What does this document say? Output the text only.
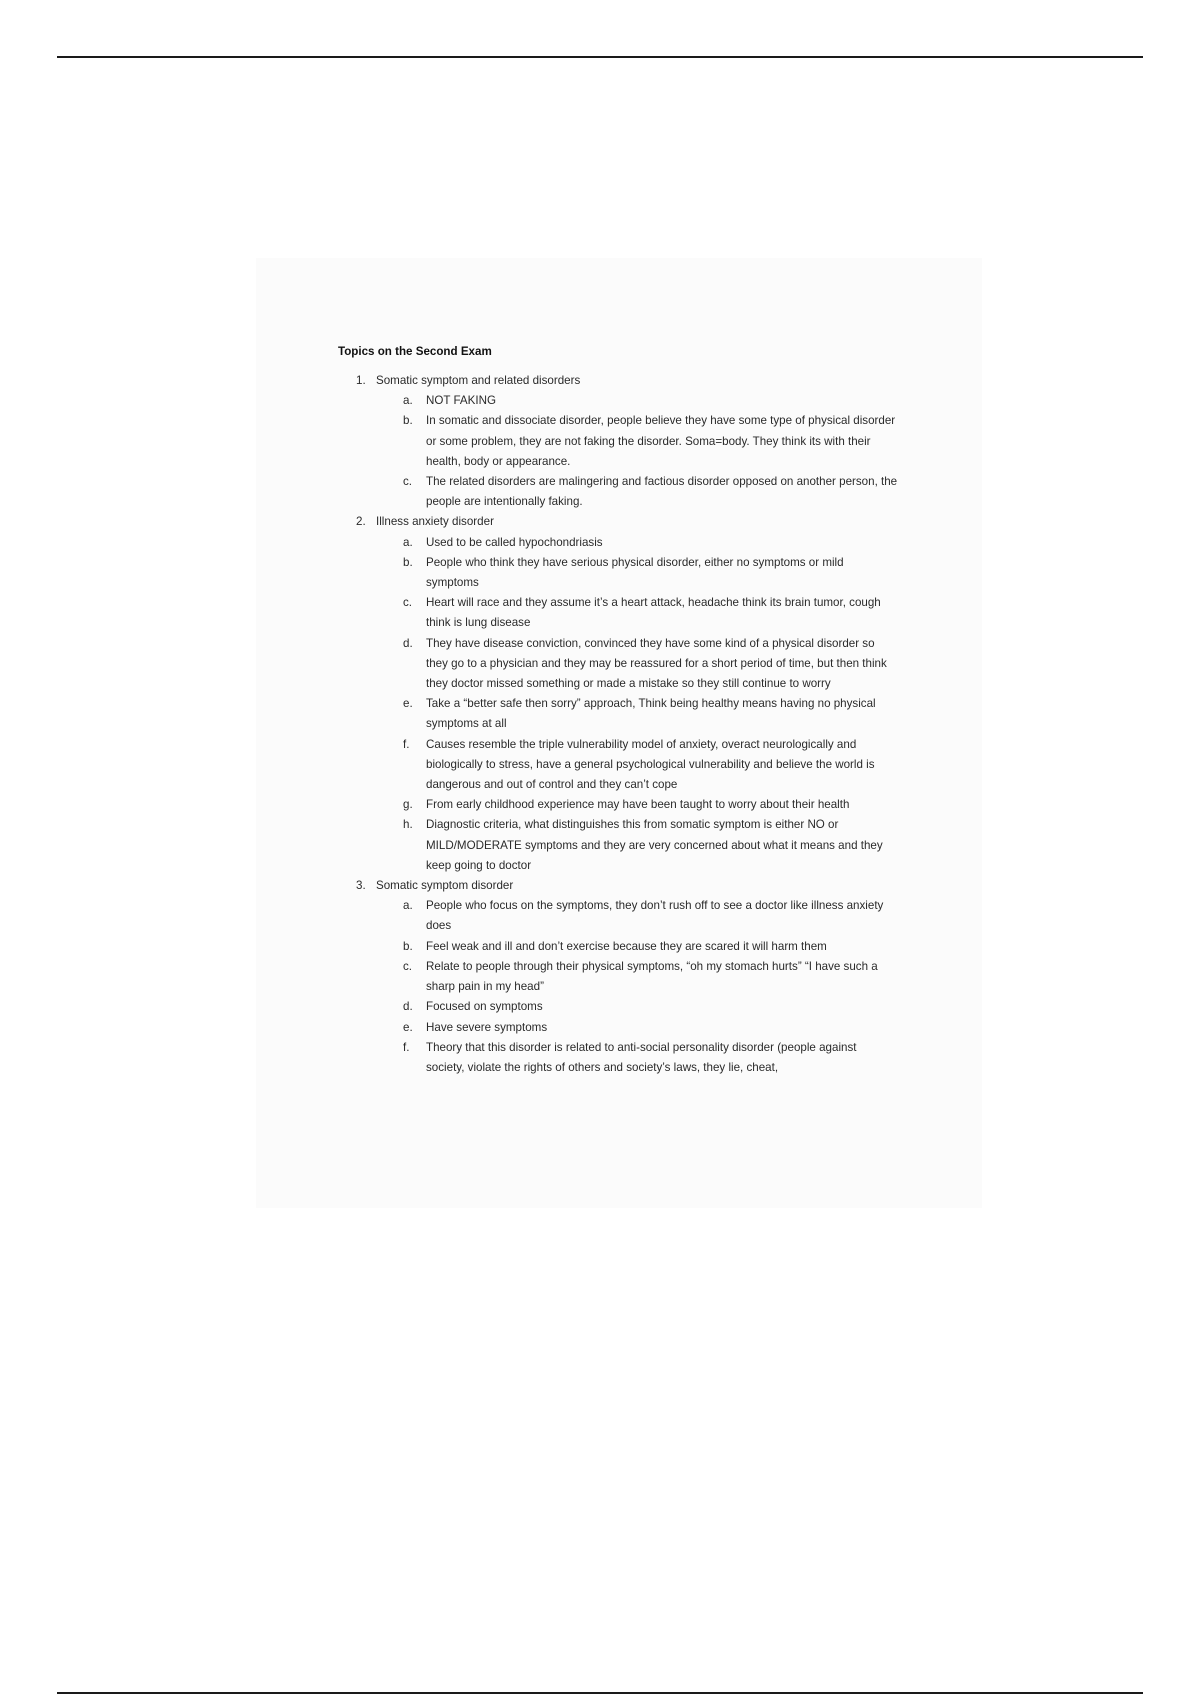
Topics on the Second Exam
1. Somatic symptom and related disorders
a.	NOT FAKING
b.	In somatic and dissociate disorder, people believe they have some type of physical disorder or some problem, they are not faking the disorder. Soma=body. They think its with their health, body or appearance.
c.	The related disorders are malingering and factious disorder opposed on another person, the people are intentionally faking.
2. Illness anxiety disorder
a.	Used to be called hypochondriasis
b.	People who think they have serious physical disorder, either no symptoms or mild symptoms
c.	Heart will race and they assume it’s a heart attack, headache think its brain tumor, cough think is lung disease
d.	They have disease conviction, convinced they have some kind of a physical disorder so they go to a physician and they may be reassured for a short period of time, but then think they doctor missed something or made a mistake so they still continue to worry
e.	Take a “better safe then sorry” approach, Think being healthy means having no physical symptoms at all
f.	Causes resemble the triple vulnerability model of anxiety, overact neurologically and biologically to stress, have a general psychological vulnerability and believe the world is dangerous and out of control and they can’t cope
g.	From early childhood experience may have been taught to worry about their health
h.	Diagnostic criteria, what distinguishes this from somatic symptom is either NO or MILD/MODERATE symptoms and they are very concerned about what it means and they keep going to doctor
3. Somatic symptom disorder
a.	People who focus on the symptoms, they don’t rush off to see a doctor like illness anxiety does
b.	Feel weak and ill and don’t exercise because they are scared it will harm them
c.	Relate to people through their physical symptoms, “oh my stomach hurts” “I have such a sharp pain in my head”
d.	Focused on symptoms
e.	Have severe symptoms
f.	Theory that this disorder is related to anti-social personality disorder (people against society, violate the rights of others and society’s laws, they lie, cheat,
